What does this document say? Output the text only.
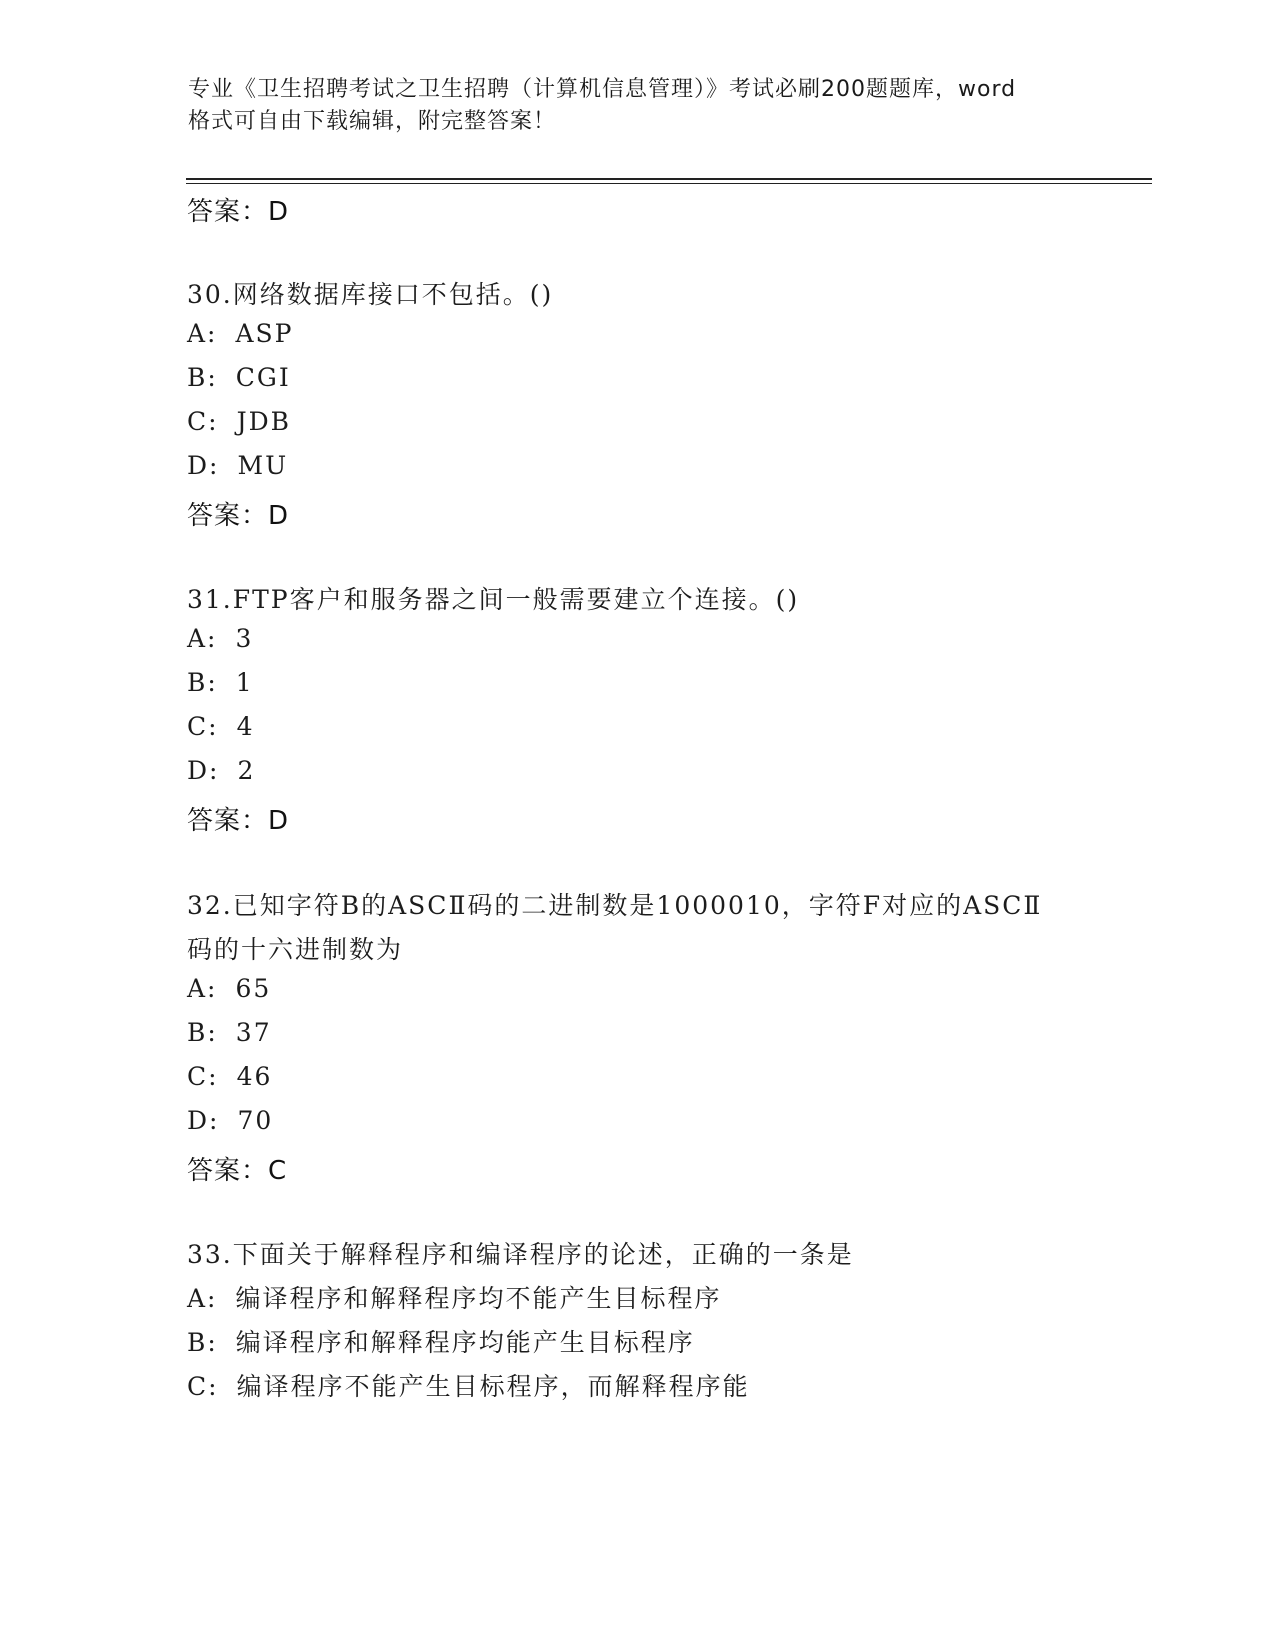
专业《卫生招聘考试之卫生招聘（计算机信息管理）》考试必刷200题题库，word
格式可自由下载编辑，附完整答案！
答案：D
30.网络数据库接口不包括。()
A: ASP
B: CGI
C: JDB
D: MU
答案：D
31.FTP客户和服务器之间一般需要建立个连接。()
A: 3
B: 1
C: 4
D: 2
答案：D
32.已知字符B的ASCⅡ码的二进制数是1000010，字符F对应的ASCⅡ
码的十六进制数为
A: 65
B: 37
C: 46
D: 70
答案：C
33.下面关于解释程序和编译程序的论述，正确的一条是
A: 编译程序和解释程序均不能产生目标程序
B: 编译程序和解释程序均能产生目标程序
C: 编译程序不能产生目标程序，而解释程序能
